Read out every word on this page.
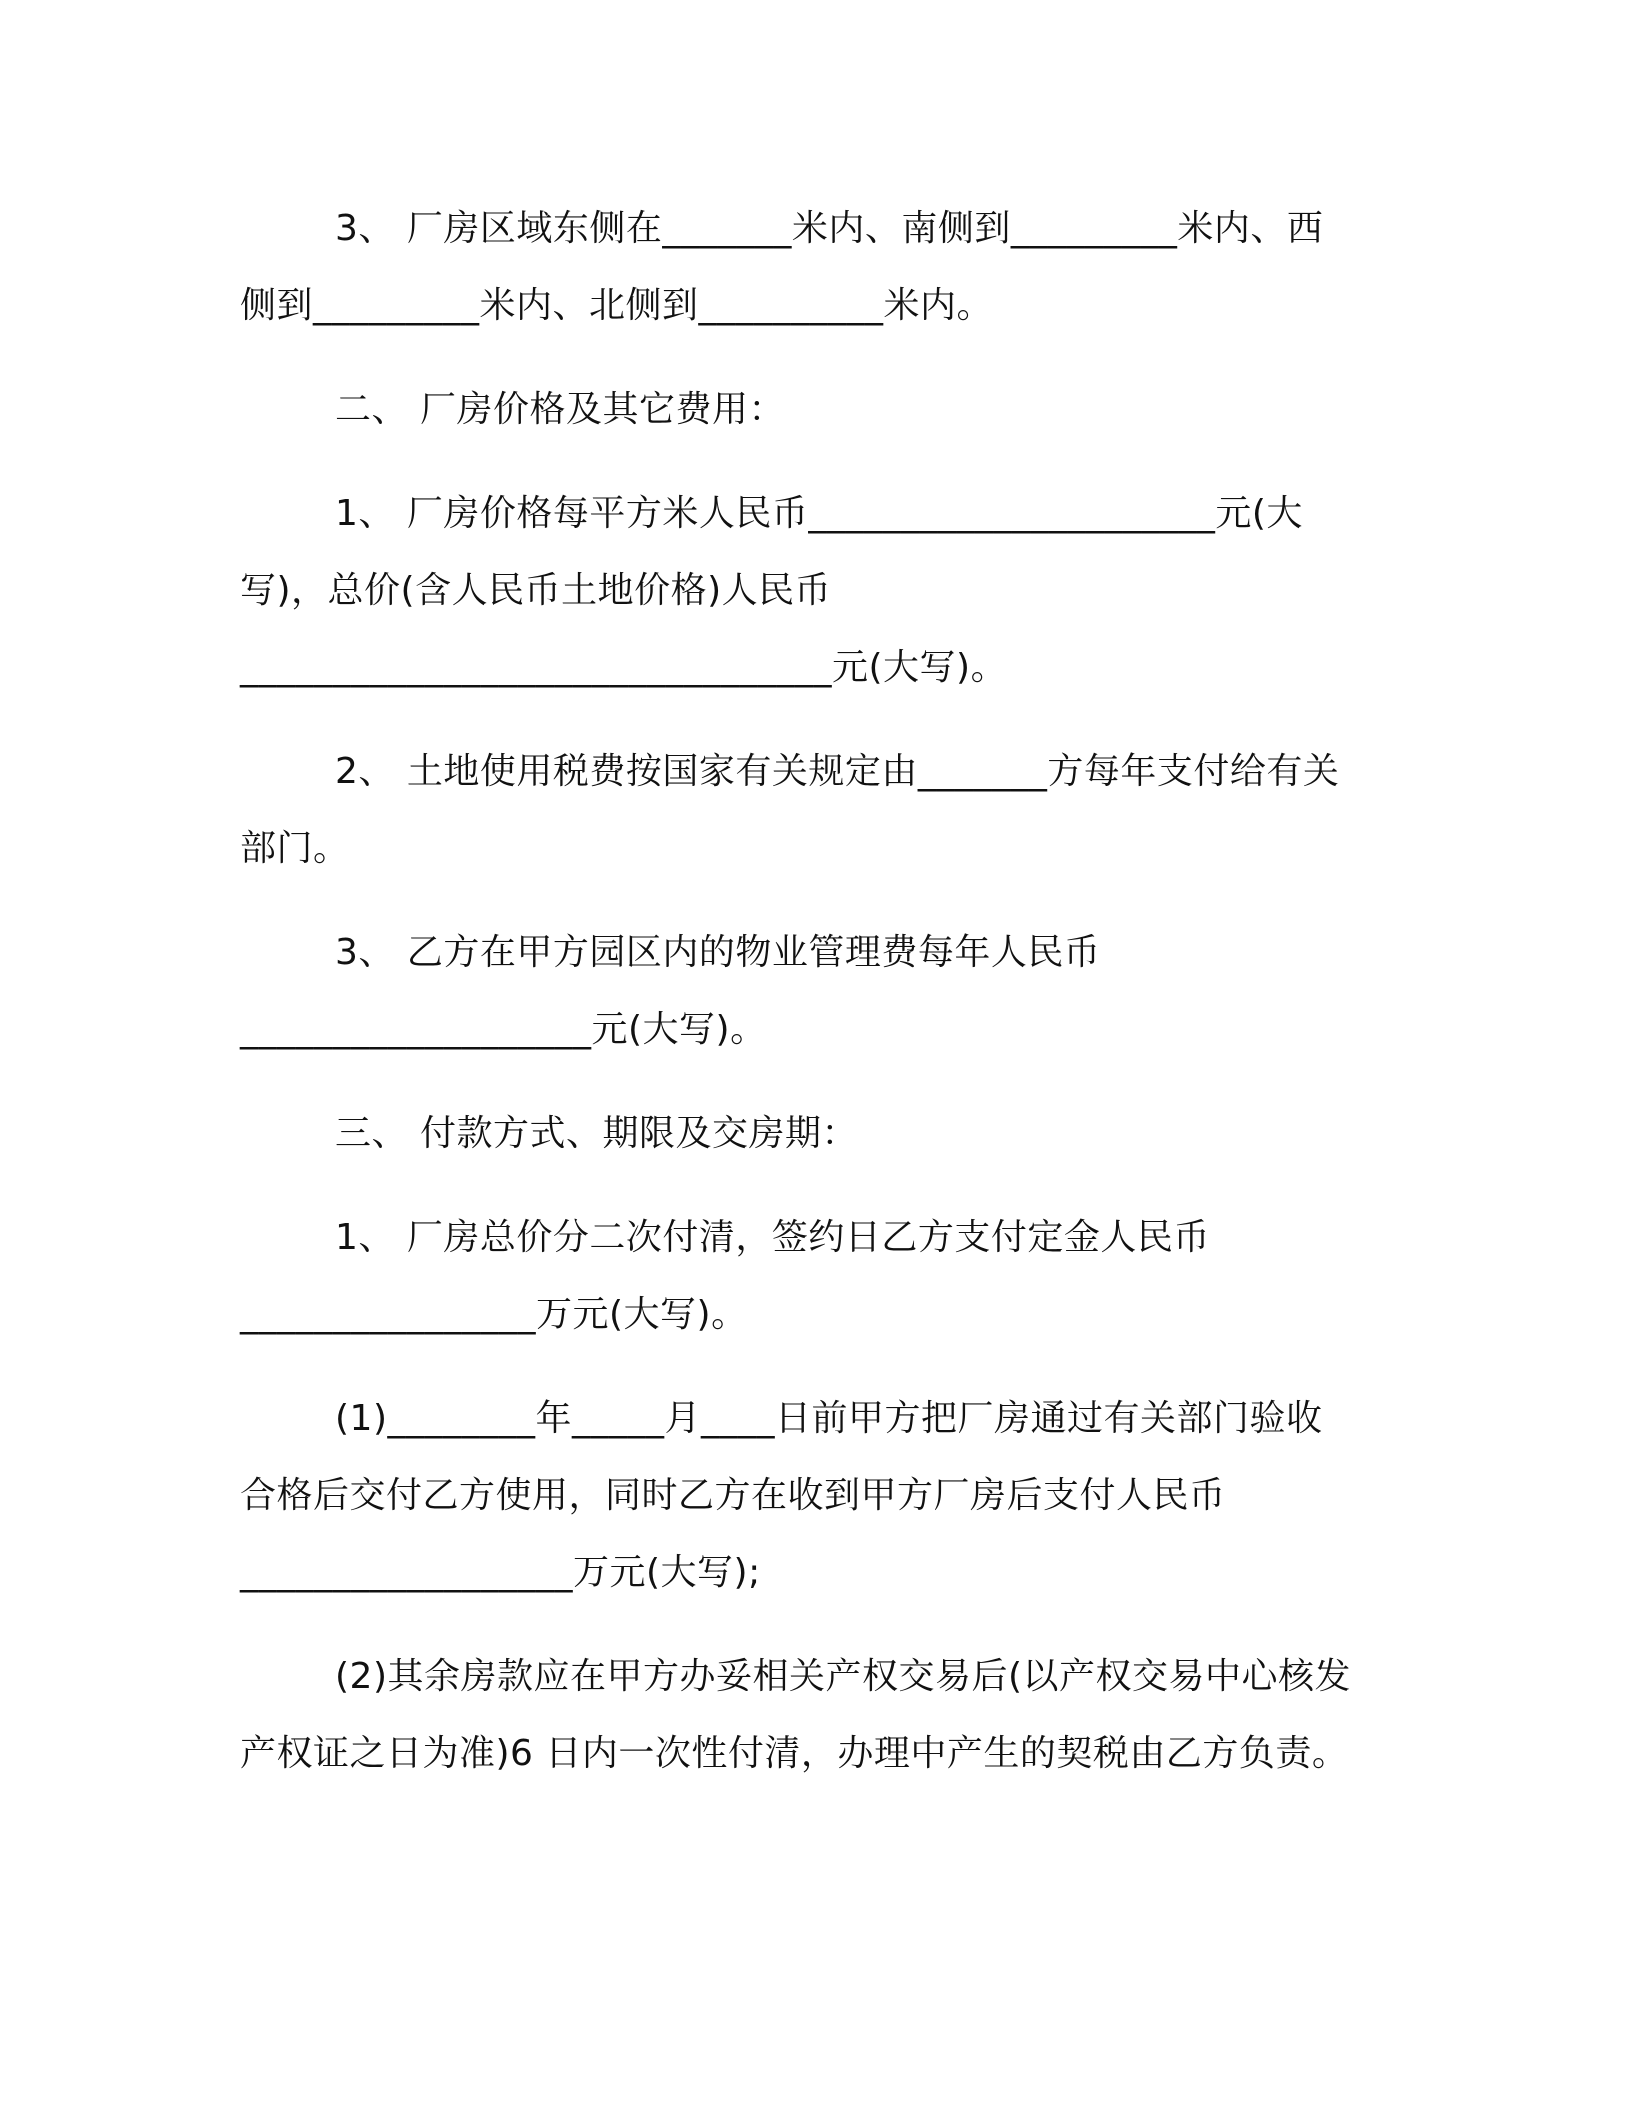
3、 厂房区域东侧在_______米内、南侧到_________米内、西
侧到_________米内、北侧到__________米内。

二、 厂房价格及其它费用：

1、 厂房价格每平方米人民币______________________元(大
写)，总价(含人民币土地价格)人民币
________________________________元(大写)。

2、 土地使用税费按国家有关规定由_______方每年支付给有关
部门。

3、 乙方在甲方园区内的物业管理费每年人民币
___________________元(大写)。

三、 付款方式、期限及交房期：

1、 厂房总价分二次付清，签约日乙方支付定金人民币
________________万元(大写)。

(1)________年_____月____日前甲方把厂房通过有关部门验收
合格后交付乙方使用，同时乙方在收到甲方厂房后支付人民币
__________________万元(大写);

(2)其余房款应在甲方办妥相关产权交易后(以产权交易中心核发
产权证之日为准)6 日内一次性付清，办理中产生的契税由乙方负责。
